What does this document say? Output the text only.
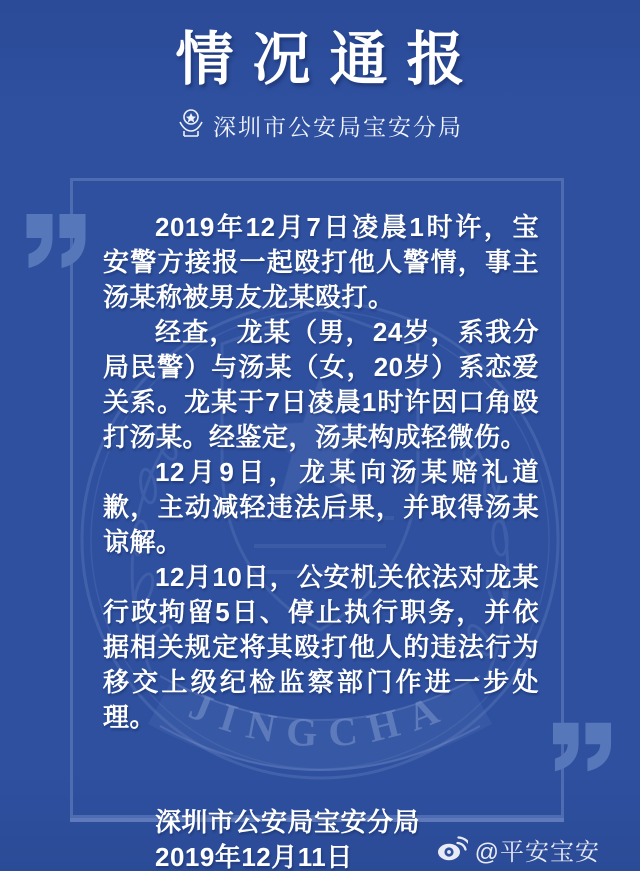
情况通报
深圳市公安局宝安分局
JINGCHA

2019年12月7日凌晨1时许，宝安警方接报一起殴打他人警情，事主汤某称被男友龙某殴打。

经查，龙某（男，24岁，系我分局民警）与汤某（女，20岁）系恋爱关系。龙某于7日凌晨1时许因口角殴打汤某。经鉴定，汤某构成轻微伤。

12月9日，龙某向汤某赔礼道歉，主动减轻违法后果，并取得汤某谅解。

12月10日，公安机关依法对龙某行政拘留5日、停止执行职务，并依据相关规定将其殴打他人的违法行为移交上级纪检监察部门作进一步处理。

深圳市公安局宝安分局

2019年12月11日	@平安宝安
